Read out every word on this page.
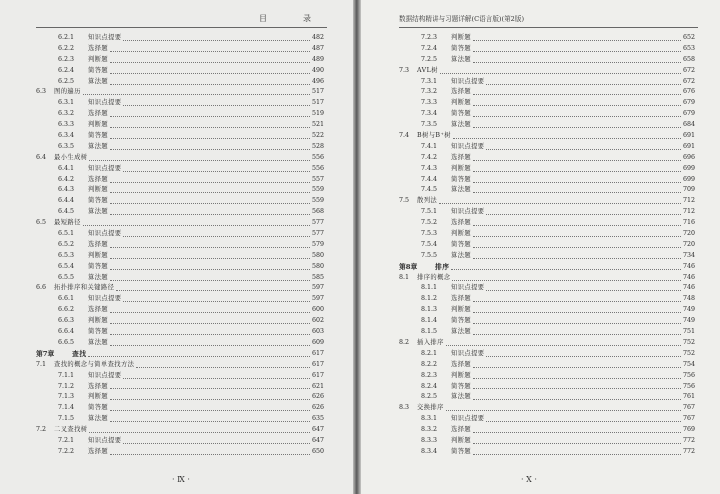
目　录
6.2.1	知识点提要	482
6.2.2	选择题	487
6.2.3	判断题	489
6.2.4	简答题	490
6.2.5	算法题	496
6.3	图的遍历	517
6.3.1	知识点提要	517
6.3.2	选择题	519
6.3.3	判断题	521
6.3.4	简答题	522
6.3.5	算法题	528
6.4	最小生成树	556
6.4.1	知识点提要	556
6.4.2	选择题	557
6.4.3	判断题	559
6.4.4	简答题	559
6.4.5	算法题	568
6.5	最短路径	577
6.5.1	知识点提要	577
6.5.2	选择题	579
6.5.3	判断题	580
6.5.4	简答题	580
6.5.5	算法题	585
6.6	拓扑排序和关键路径	597
6.6.1	知识点提要	597
6.6.2	选择题	600
6.6.3	判断题	602
6.6.4	简答题	603
6.6.5	算法题	609
第7章	查找	617
7.1	查找的概念与简单查找方法	617
7.1.1	知识点提要	617
7.1.2	选择题	621
7.1.3	判断题	626
7.1.4	简答题	626
7.1.5	算法题	635
7.2	二叉查找树	647
7.2.1	知识点提要	647
7.2.2	选择题	650
· Ⅸ ·
数据结构精讲与习题详解(C语言版)(第2版)
7.2.3	判断题	652
7.2.4	简答题	653
7.2.5	算法题	658
7.3	AVL树	672
7.3.1	知识点提要	672
7.3.2	选择题	676
7.3.3	判断题	679
7.3.4	简答题	679
7.3.5	算法题	684
7.4	B树与B⁺树	691
7.4.1	知识点提要	691
7.4.2	选择题	696
7.4.3	判断题	699
7.4.4	简答题	699
7.4.5	算法题	709
7.5	散列法	712
7.5.1	知识点提要	712
7.5.2	选择题	716
7.5.3	判断题	720
7.5.4	简答题	720
7.5.5	算法题	734
第8章	排序	746
8.1	排序的概念	746
8.1.1	知识点提要	746
8.1.2	选择题	748
8.1.3	判断题	749
8.1.4	简答题	749
8.1.5	算法题	751
8.2	插入排序	752
8.2.1	知识点提要	752
8.2.2	选择题	754
8.2.3	判断题	756
8.2.4	简答题	756
8.2.5	算法题	761
8.3	交换排序	767
8.3.1	知识点提要	767
8.3.2	选择题	769
8.3.3	判断题	772
8.3.4	简答题	772
· Ⅹ ·
